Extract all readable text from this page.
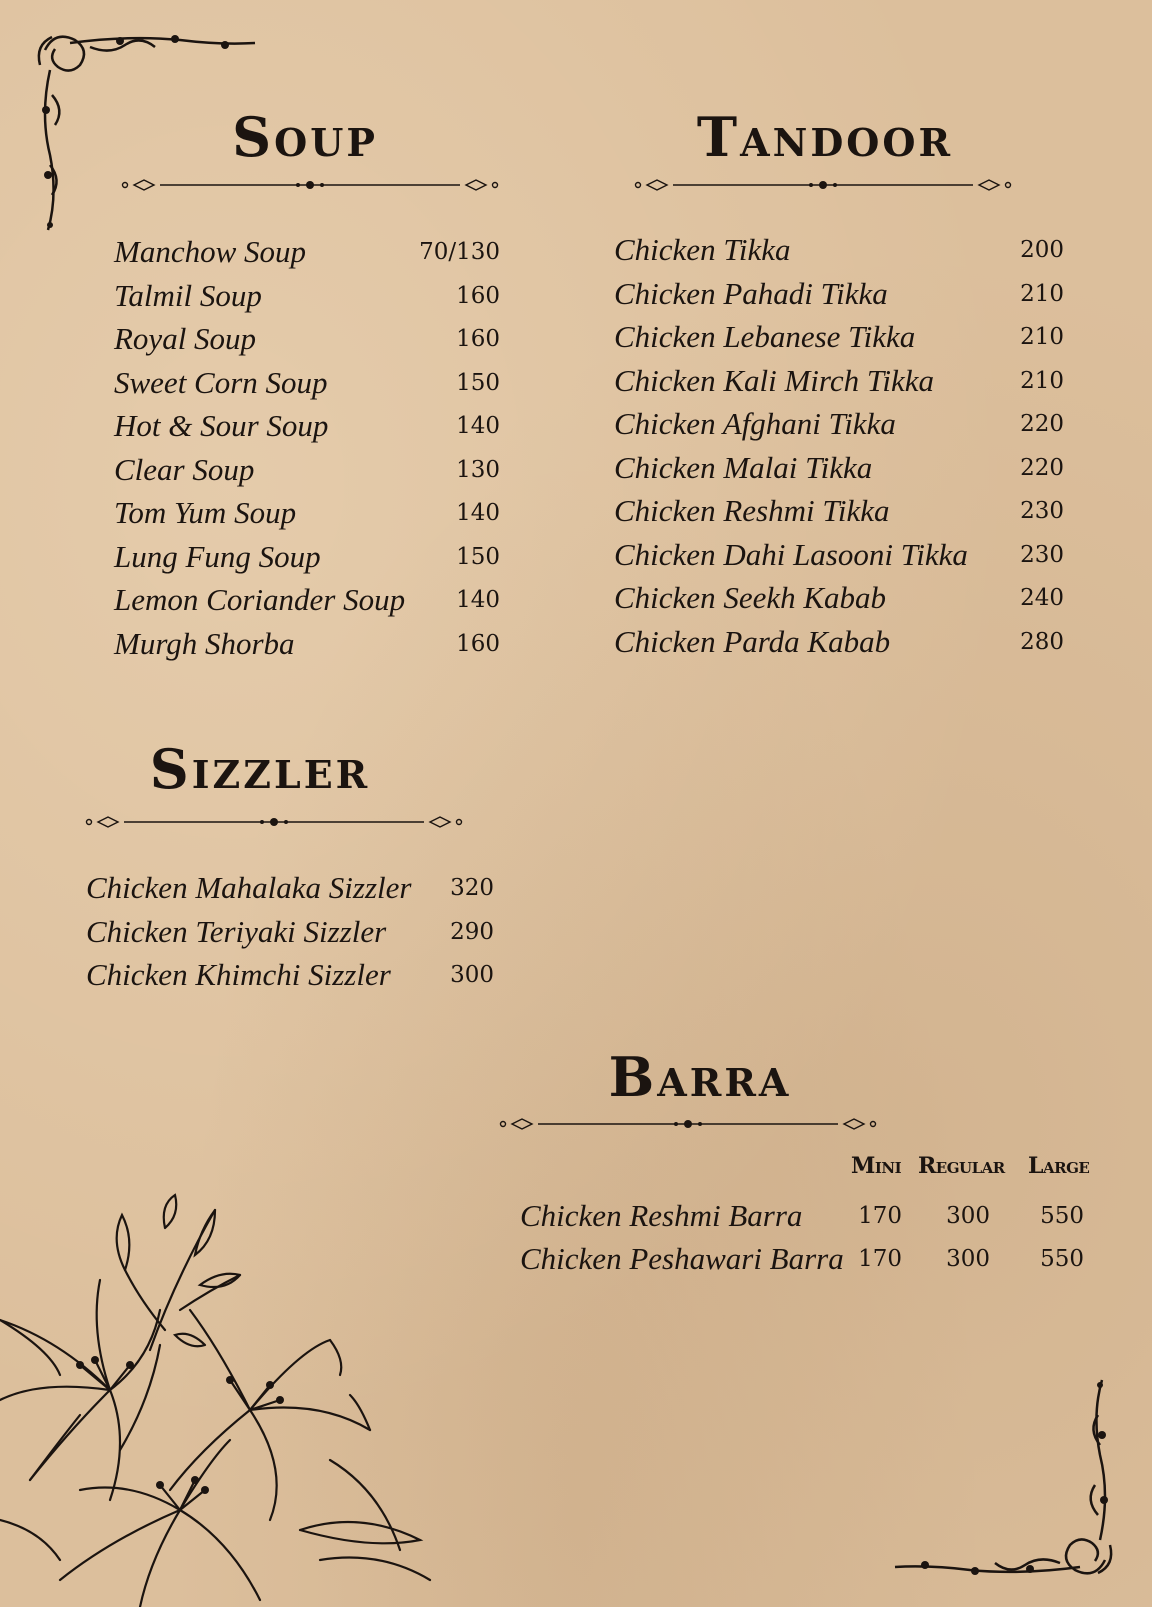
Soup
Manchow Soup	70/130
Talmil Soup	160
Royal Soup	160
Sweet Corn Soup	150
Hot & Sour Soup	140
Clear Soup	130
Tom Yum Soup	140
Lung Fung Soup	150
Lemon Coriander Soup 140
Murgh Shorba	160
Tandoor
Chicken Tikka	200
Chicken Pahadi Tikka	210
Chicken Lebanese Tikka	210
Chicken Kali Mirch Tikka	210
Chicken Afghani Tikka	220
Chicken Malai Tikka	220
Chicken Reshmi Tikka	230
Chicken Dahi Lasooni Tikka 230
Chicken Seekh Kabab	240
Chicken Parda Kabab	280
Sizzler
Chicken Mahalaka Sizzler 320
Chicken Teriyaki Sizzler	290
Chicken Khimchi Sizzler	300
Barra
Mini Regular Large
Chicken Reshmi Barra	170	300	550
Chicken Peshawari Barra 170	300	550
